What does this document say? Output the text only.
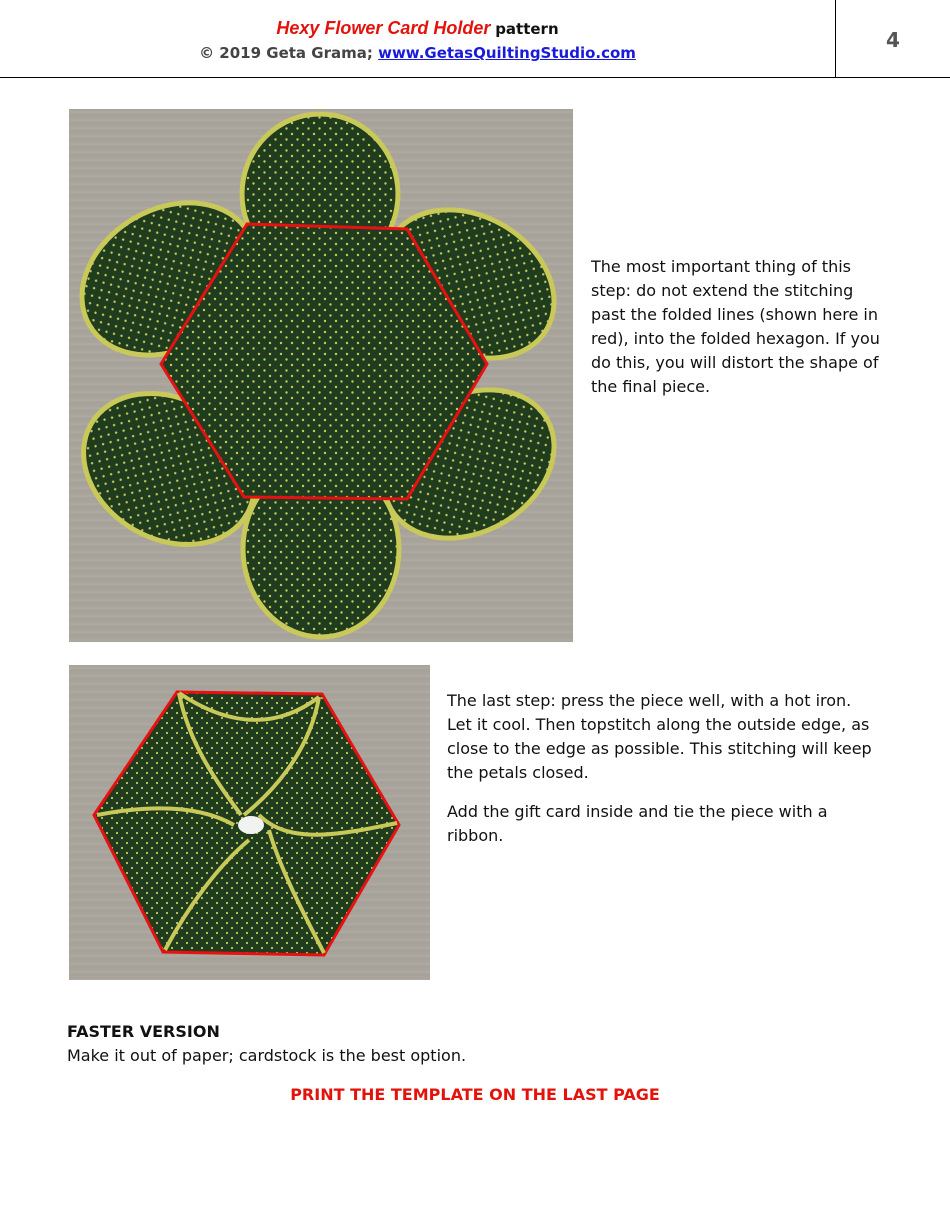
Hexy Flower Card Holder pattern
© 2019 Geta Grama; www.GetasQuiltingStudio.com
4

The most important thing of this step: do not extend the stitching past the folded lines (shown here in red), into the folded hexagon. If you do this, you will distort the shape of the final piece.

The last step: press the piece well, with a hot iron. Let it cool. Then topstitch along the outside edge, as close to the edge as possible. This stitching will keep the petals closed.

Add the gift card inside and tie the piece with a ribbon.

FASTER VERSION
Make it out of paper; cardstock is the best option.
PRINT THE TEMPLATE ON THE LAST PAGE
